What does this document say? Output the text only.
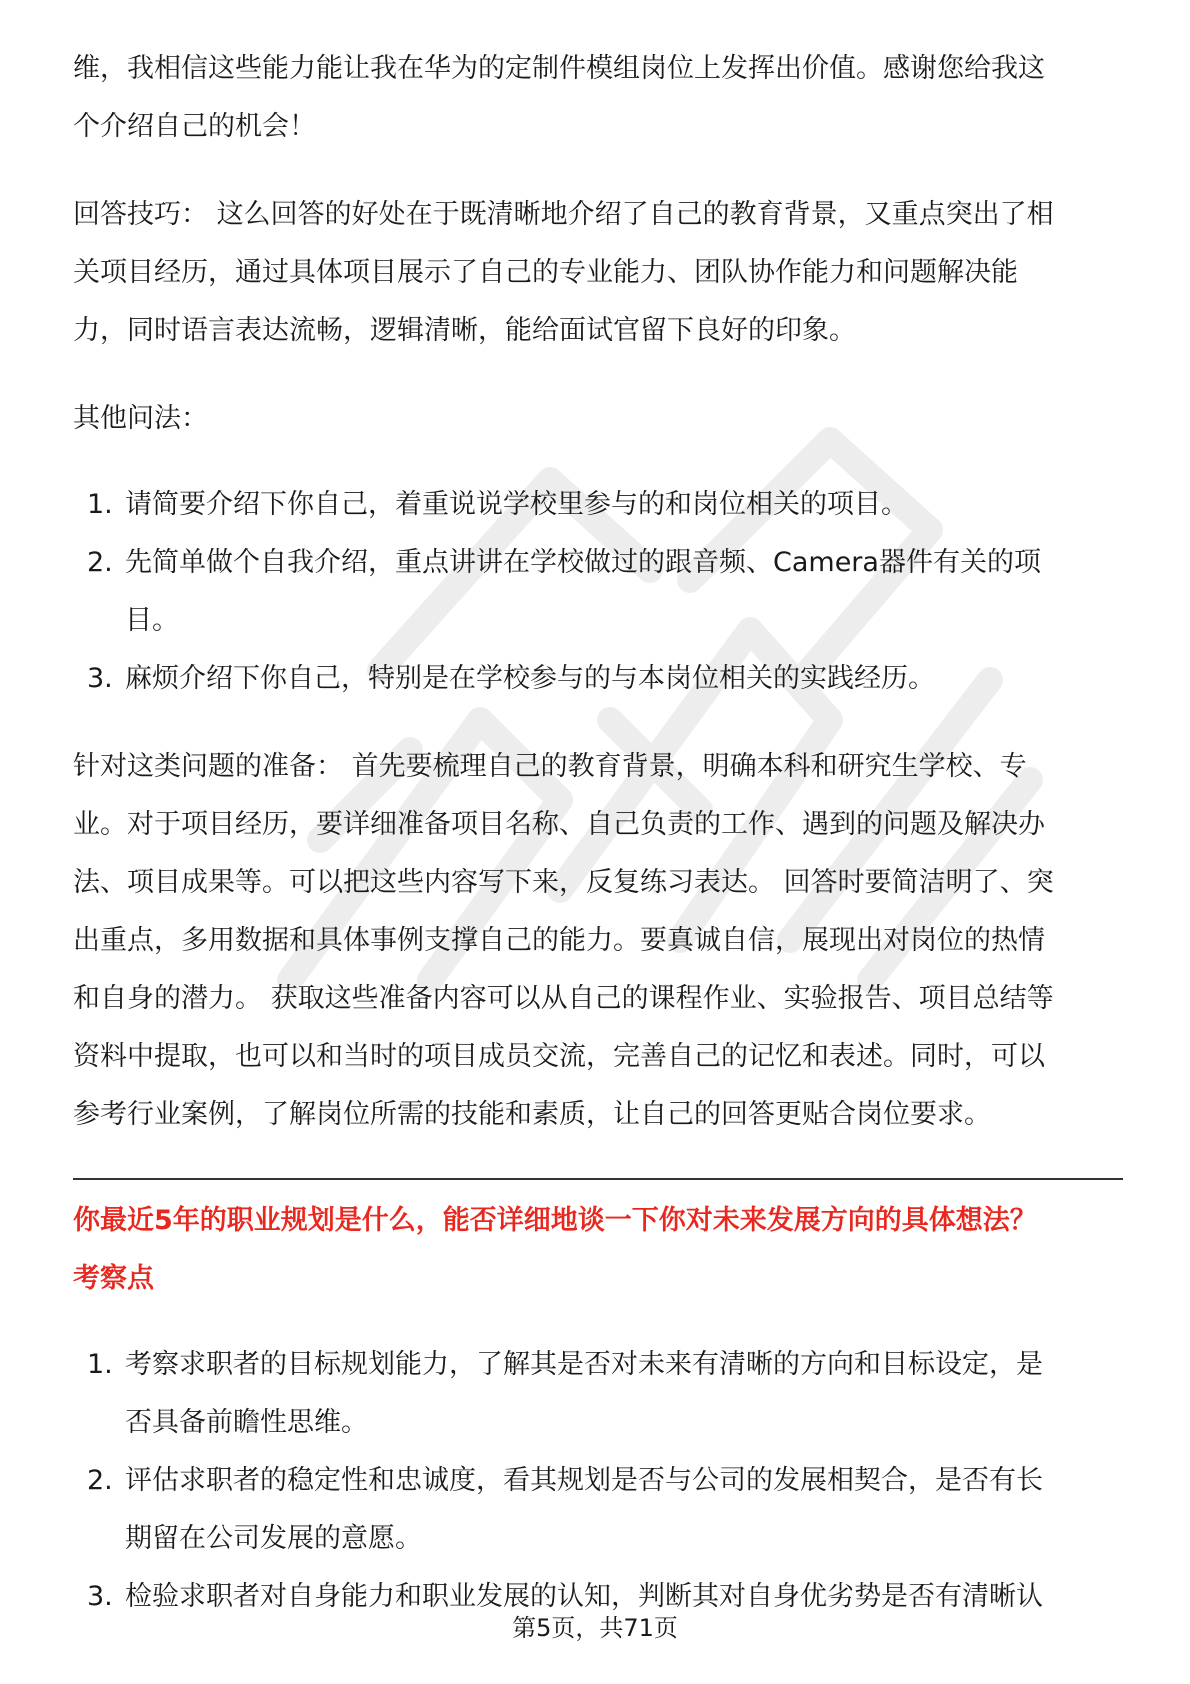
维，我相信这些能力能让我在华为的定制件模组岗位上发挥出价值。感谢您给我这

个介绍自己的机会！

回答技巧： 这么回答的好处在于既清晰地介绍了自己的教育背景，又重点突出了相

关项目经历，通过具体项目展示了自己的专业能力、团队协作能力和问题解决能

力，同时语言表达流畅，逻辑清晰，能给面试官留下良好的印象。

其他问法：

1. 请简要介绍下你自己，着重说说学校里参与的和岗位相关的项目。
2. 先简单做个自我介绍，重点讲讲在学校做过的跟音频、Camera器件有关的项
目。
3. 麻烦介绍下你自己，特别是在学校参与的与本岗位相关的实践经历。

针对这类问题的准备： 首先要梳理自己的教育背景，明确本科和研究生学校、专

业。对于项目经历，要详细准备项目名称、自己负责的工作、遇到的问题及解决办

法、项目成果等。可以把这些内容写下来，反复练习表达。 回答时要简洁明了、突

出重点，多用数据和具体事例支撑自己的能力。要真诚自信，展现出对岗位的热情

和自身的潜力。 获取这些准备内容可以从自己的课程作业、实验报告、项目总结等

资料中提取，也可以和当时的项目成员交流，完善自己的记忆和表述。同时，可以

参考行业案例，了解岗位所需的技能和素质，让自己的回答更贴合岗位要求。

你最近5年的职业规划是什么，能否详细地谈一下你对未来发展方向的具体想法？

考察点

1. 考察求职者的目标规划能力，了解其是否对未来有清晰的方向和目标设定，是
否具备前瞻性思维。
2. 评估求职者的稳定性和忠诚度，看其规划是否与公司的发展相契合，是否有长
期留在公司发展的意愿。
3. 检验求职者对自身能力和职业发展的认知，判断其对自身优劣势是否有清晰认
第5页，共71页
